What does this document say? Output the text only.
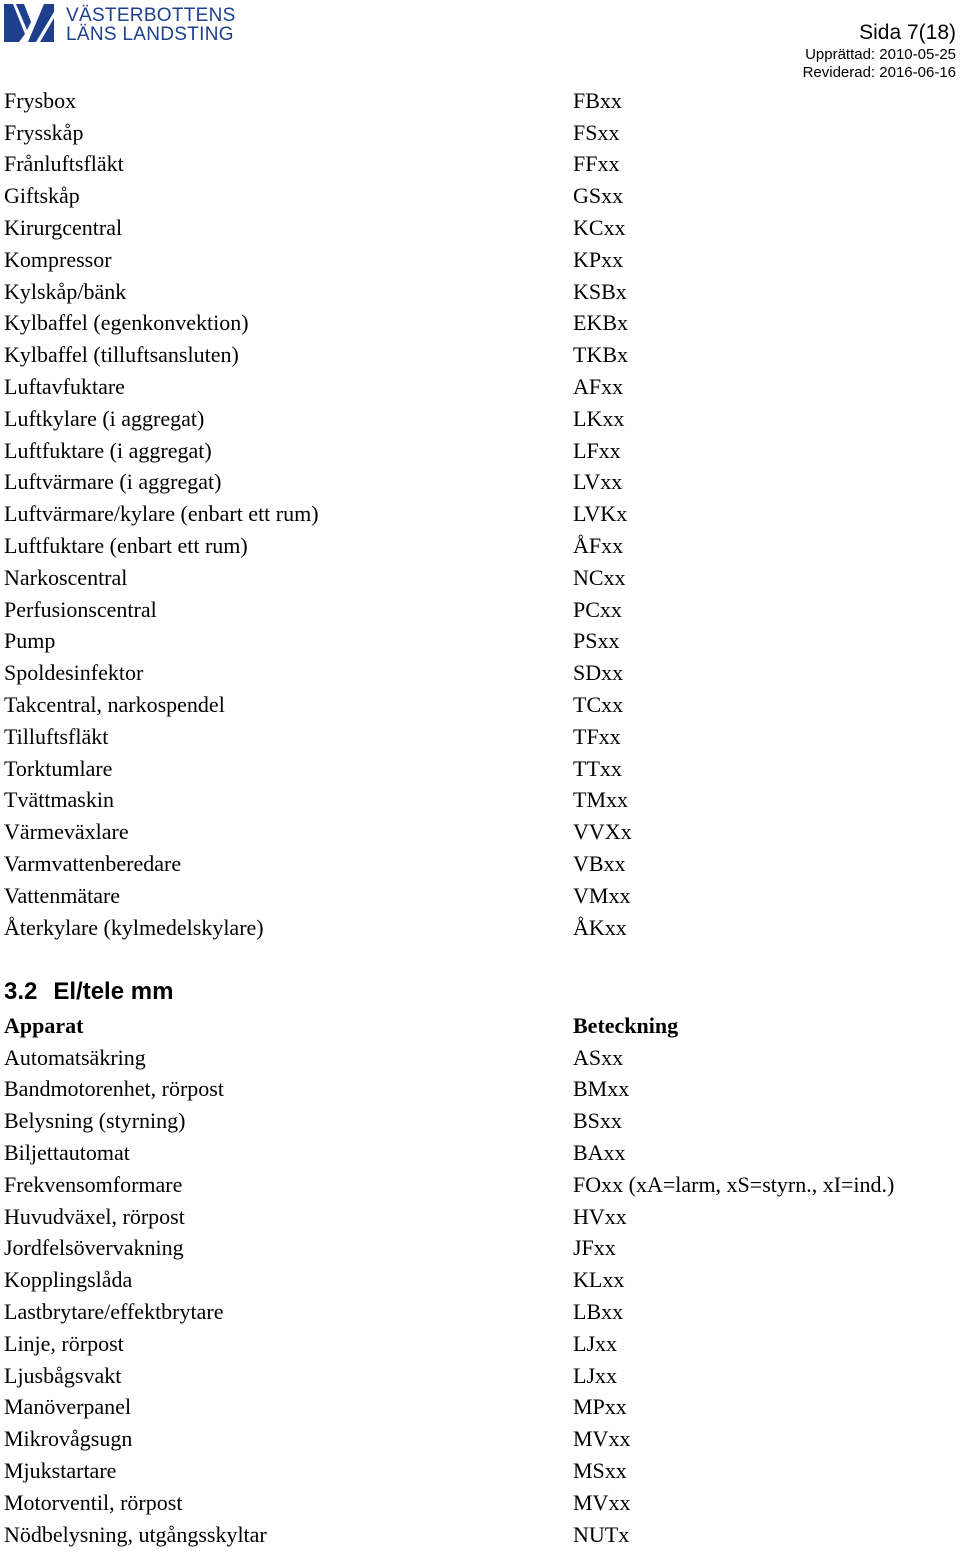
VÄSTERBOTTENS
LÄNS LANDSTING	Sida 7(18)
Upprättad: 2010-05-25
Reviderad: 2016-06-16
Frysbox	FBxx
Frysskåp	FSxx
Frånluftsfläkt	FFxx
Giftskåp	GSxx
Kirurgcentral	KCxx
Kompressor	KPxx
Kylskåp/bänk	KSBx
Kylbaffel (egenkonvektion)	EKBx
Kylbaffel (tilluftsansluten)	TKBx
Luftavfuktare	AFxx
Luftkylare (i aggregat)	LKxx
Luftfuktare (i aggregat)	LFxx
Luftvärmare (i aggregat)	LVxx
Luftvärmare/kylare (enbart ett rum)	LVKx
Luftfuktare (enbart ett rum)	ÅFxx
Narkoscentral	NCxx
Perfusionscentral	PCxx
Pump	PSxx
Spoldesinfektor	SDxx
Takcentral, narkospendel	TCxx
Tilluftsfläkt	TFxx
Torktumlare	TTxx
Tvättmaskin	TMxx
Värmeväxlare	VVXx
Varmvattenberedare	VBxx
Vattenmätare	VMxx
Återkylare (kylmedelskylare)	ÅKxx
3.2 El/tele mm
Apparat	Beteckning
Automatsäkring	ASxx
Bandmotorenhet, rörpost	BMxx
Belysning (styrning)	BSxx
Biljettautomat	BAxx
Frekvensomformare	FOxx (xA=larm, xS=styrn., xI=ind.)
Huvudväxel, rörpost	HVxx
Jordfelsövervakning	JFxx
Kopplingslåda	KLxx
Lastbrytare/effektbrytare	LBxx
Linje, rörpost	LJxx
Ljusbågsvakt	LJxx
Manöverpanel	MPxx
Mikrovågsugn	MVxx
Mjukstartare	MSxx
Motorventil, rörpost	MVxx
Nödbelysning, utgångsskyltar	NUTx
